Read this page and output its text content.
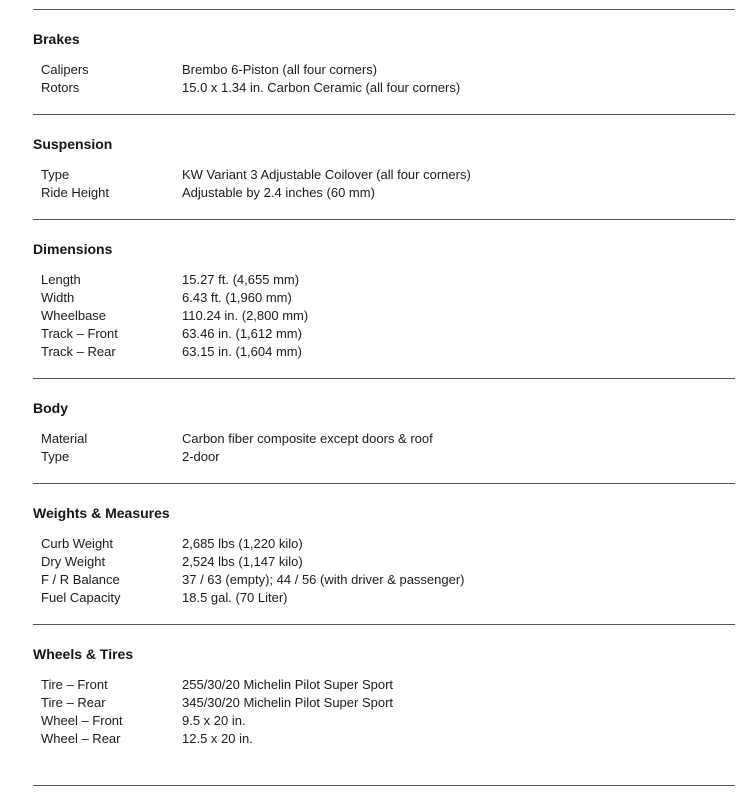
Brakes
Calipers	Brembo 6-Piston (all four corners)
Rotors	15.0 x 1.34 in. Carbon Ceramic (all four corners)
Suspension
Type	KW Variant 3 Adjustable Coilover (all four corners)
Ride Height	Adjustable by 2.4 inches (60 mm)
Dimensions
Length	15.27 ft. (4,655 mm)
Width	6.43 ft. (1,960 mm)
Wheelbase	110.24 in. (2,800 mm)
Track – Front	63.46 in. (1,612 mm)
Track – Rear	63.15 in. (1,604 mm)
Body
Material	Carbon fiber composite except doors & roof
Type	2-door
Weights & Measures
Curb Weight	2,685 lbs (1,220 kilo)
Dry Weight	2,524 lbs (1,147 kilo)
F / R Balance	37 / 63 (empty); 44 / 56 (with driver & passenger)
Fuel Capacity	18.5 gal. (70 Liter)
Wheels & Tires
Tire – Front	255/30/20 Michelin Pilot Super Sport
Tire – Rear	345/30/20 Michelin Pilot Super Sport
Wheel – Front	9.5 x 20 in.
Wheel – Rear	12.5 x 20 in.
